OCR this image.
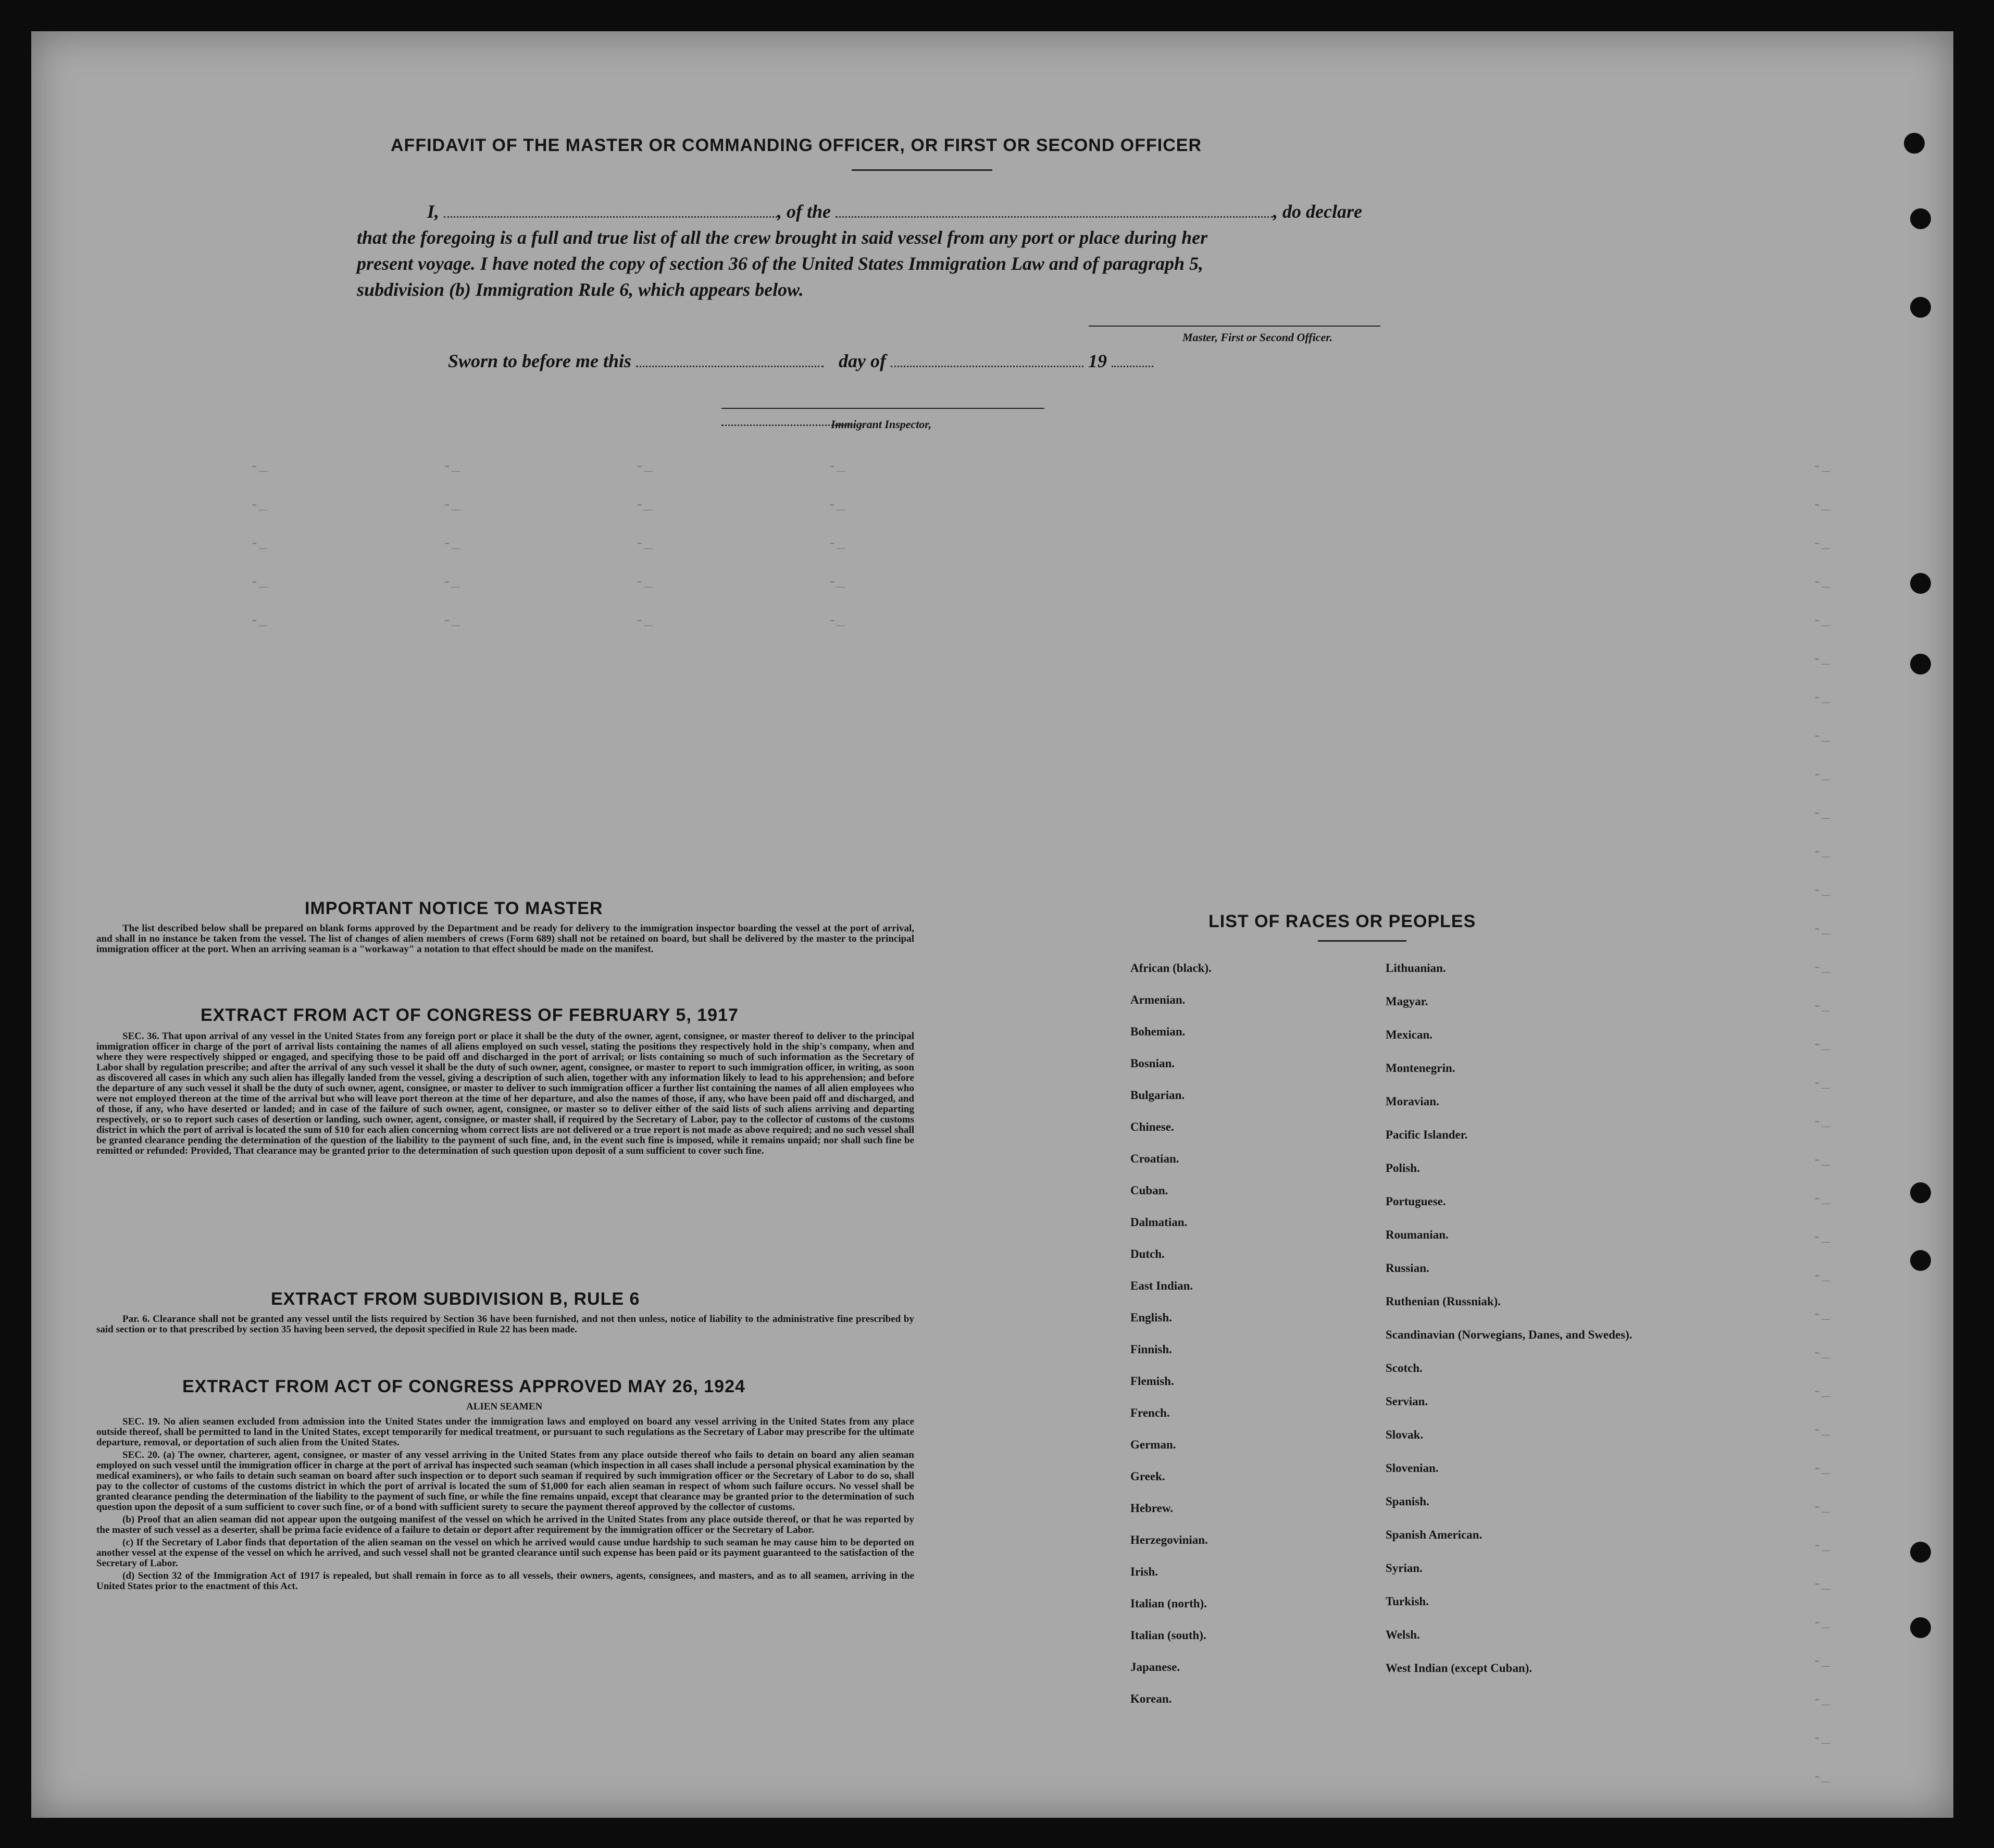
-_                    -_                    -_                    -_
-_                    -_                    -_                    -_
-_                    -_                    -_                    -_
-_                    -_                    -_                    -_
-_                    -_                    -_                    -_
-_
-_
-_
-_
-_
-_
-_
-_
-_
-_
-_
-_
-_
-_
-_
-_
-_
-_
-_
-_
-_
-_
-_
-_
-_
-_
-_
-_
-_
-_
-_
-_
-_
-_
-_
AFFIDAVIT OF THE MASTER OR COMMANDING OFFICER, OR FIRST OR SECOND OFFICER
I,	, of the	, do declare
that the foregoing is a full and true list of all the crew brought in said vessel from any port or place during her
present voyage. I have noted the copy of section 36 of the United States Immigration Law and of paragraph 5,
subdivision (b) Immigration Rule 6, which appears below.
Master, First or Second Officer.
Sworn to before me this	day of	19
Immigrant Inspector,
IMPORTANT NOTICE TO MASTER

The list described below shall be prepared on blank forms approved by the Department and be ready for delivery to the immigration inspector boarding the vessel at the port of arrival, and shall in no instance be taken from the vessel. The list of changes of alien members of crews (Form 689) shall not be retained on board, but shall be delivered by the master to the principal immigration officer at the port. When an arriving seaman is a "workaway" a notation to that effect should be made on the manifest.

EXTRACT FROM ACT OF CONGRESS OF FEBRUARY 5, 1917

SEC. 36. That upon arrival of any vessel in the United States from any foreign port or place it shall be the duty of the owner, agent, consignee, or master thereof to deliver to the principal immigration officer in charge of the port of arrival lists containing the names of all aliens employed on such vessel, stating the positions they respectively hold in the ship's company, when and where they were respectively shipped or engaged, and specifying those to be paid off and discharged in the port of arrival; or lists containing so much of such information as the Secretary of Labor shall by regulation prescribe; and after the arrival of any such vessel it shall be the duty of such owner, agent, consignee, or master to report to such immigration officer, in writing, as soon as discovered all cases in which any such alien has illegally landed from the vessel, giving a description of such alien, together with any information likely to lead to his apprehension; and before the departure of any such vessel it shall be the duty of such owner, agent, consignee, or master to deliver to such immigration officer a further list containing the names of all alien employees who were not employed thereon at the time of the arrival but who will leave port thereon at the time of her departure, and also the names of those, if any, who have been paid off and discharged, and of those, if any, who have deserted or landed; and in case of the failure of such owner, agent, consignee, or master so to deliver either of the said lists of such aliens arriving and departing respectively, or so to report such cases of desertion or landing, such owner, agent, consignee, or master shall, if required by the Secretary of Labor, pay to the collector of customs of the customs district in which the port of arrival is located the sum of $10 for each alien concerning whom correct lists are not delivered or a true report is not made as above required; and no such vessel shall be granted clearance pending the determination of the question of the liability to the payment of such fine, and, in the event such fine is imposed, while it remains unpaid; nor shall such fine be remitted or refunded: Provided, That clearance may be granted prior to the determination of such question upon deposit of a sum sufficient to cover such fine.

EXTRACT FROM SUBDIVISION B, RULE 6

Par. 6. Clearance shall not be granted any vessel until the lists required by Section 36 have been furnished, and not then unless, notice of liability to the administrative fine prescribed by said section or to that prescribed by section 35 having been served, the deposit specified in Rule 22 has been made.

EXTRACT FROM ACT OF CONGRESS APPROVED MAY 26, 1924
ALIEN SEAMEN

SEC. 19. No alien seamen excluded from admission into the United States under the immigration laws and employed on board any vessel arriving in the United States from any place outside thereof, shall be permitted to land in the United States, except temporarily for medical treatment, or pursuant to such regulations as the Secretary of Labor may prescribe for the ultimate departure, removal, or deportation of such alien from the United States.

SEC. 20. (a) The owner, charterer, agent, consignee, or master of any vessel arriving in the United States from any place outside thereof who fails to detain on board any alien seaman employed on such vessel until the immigration officer in charge at the port of arrival has inspected such seaman (which inspection in all cases shall include a personal physical examination by the medical examiners), or who fails to detain such seaman on board after such inspection or to deport such seaman if required by such immigration officer or the Secretary of Labor to do so, shall pay to the collector of customs of the customs district in which the port of arrival is located the sum of $1,000 for each alien seaman in respect of whom such failure occurs. No vessel shall be granted clearance pending the determination of the liability to the payment of such fine, or while the fine remains unpaid, except that clearance may be granted prior to the determination of such question upon the deposit of a sum sufficient to cover such fine, or of a bond with sufficient surety to secure the payment thereof approved by the collector of customs.

(b) Proof that an alien seaman did not appear upon the outgoing manifest of the vessel on which he arrived in the United States from any place outside thereof, or that he was reported by the master of such vessel as a deserter, shall be prima facie evidence of a failure to detain or deport after requirement by the immigration officer or the Secretary of Labor.

(c) If the Secretary of Labor finds that deportation of the alien seaman on the vessel on which he arrived would cause undue hardship to such seaman he may cause him to be deported on another vessel at the expense of the vessel on which he arrived, and such vessel shall not be granted clearance until such expense has been paid or its payment guaranteed to the satisfaction of the Secretary of Labor.

(d) Section 32 of the Immigration Act of 1917 is repealed, but shall remain in force as to all vessels, their owners, agents, consignees, and masters, and as to all seamen, arriving in the United States prior to the enactment of this Act.

LIST OF RACES OR PEOPLES
African (black).
Armenian.
Bohemian.
Bosnian.
Bulgarian.
Chinese.
Croatian.
Cuban.
Dalmatian.
Dutch.
East Indian.
English.
Finnish.
Flemish.
French.
German.
Greek.
Hebrew.
Herzegovinian.
Irish.
Italian (north).
Italian (south).
Japanese.
Korean.
Lithuanian.
Magyar.
Mexican.
Montenegrin.
Moravian.
Pacific Islander.
Polish.
Portuguese.
Roumanian.
Russian.
Ruthenian (Russniak).
Scandinavian (Norwegians, Danes, and Swedes).
Scotch.
Servian.
Slovak.
Slovenian.
Spanish.
Spanish American.
Syrian.
Turkish.
Welsh.
West Indian (except Cuban).
